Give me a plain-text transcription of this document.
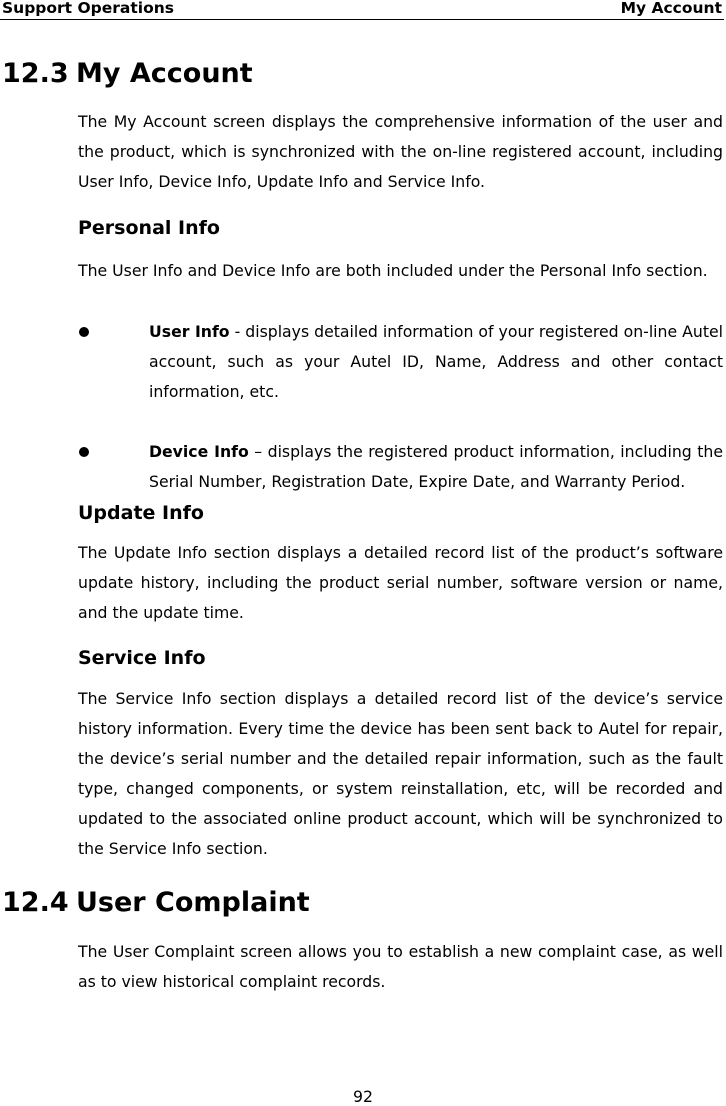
Support Operations	My Account
12.3 My Account
The My Account screen displays the comprehensive information of the user and the product, which is synchronized with the on-line registered account, including User Info, Device Info, Update Info and Service Info.
Personal Info
The User Info and Device Info are both included under the Personal Info section.
User Info - displays detailed information of your registered on-line Autel account, such as your Autel ID, Name, Address and other contact information, etc.
Device Info – displays the registered product information, including the Serial Number, Registration Date, Expire Date, and Warranty Period.
Update Info
The Update Info section displays a detailed record list of the product’s software update history, including the product serial number, software version or name, and the update time.
Service Info
The Service Info section displays a detailed record list of the device’s service history information. Every time the device has been sent back to Autel for repair, the device’s serial number and the detailed repair information, such as the fault type, changed components, or system reinstallation, etc, will be recorded and updated to the associated online product account, which will be synchronized to the Service Info section.
12.4 User Complaint
The User Complaint screen allows you to establish a new complaint case, as well as to view historical complaint records.
92
